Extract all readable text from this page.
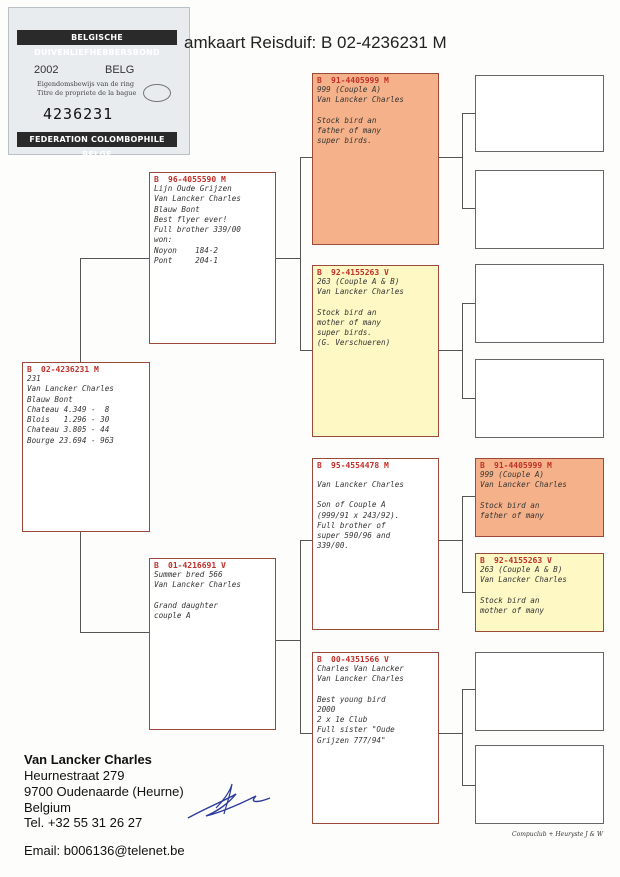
BELGISCHE DUIVENLIEFHEBBERSBOND
2002	BELG
Eigendomsbewijs van de ring
Titre de propriete de la bague
4236231
FEDERATION COLOMBOPHILE BELGE
amkaart Reisduif: B 02-4236231 M
B	02-4236231 M
231
Van Lancker Charles
Blauw Bont
Chateau 4.349 -  8
Blois   1.296 - 30
Chateau 3.805 - 44
Bourge 23.694 - 963
B	96-4055590 M
Lijn Oude Grijzen
Van Lancker Charles
Blauw Bont
Best flyer ever!
Full brother 339/00
won:
Noyon    184-2
Pont     204-1
B	01-4216691 V
Summer bred 566
Van Lancker Charles
Grand daughter
couple A
B	91-4405999 M
999 (Couple A)
Van Lancker Charles
Stock bird an
father of many
super birds.
B	92-4155263 V
263 (Couple A & B)
Van Lancker Charles
Stock bird an
mother of many
super birds.
(G. Verschueren)
B	95-4554478 M
Van Lancker Charles
Son of Couple A
(999/91 x 243/92).
Full brother of
super 590/96 and
339/00.
B	00-4351566 V
Charles Van Lancker
Van Lancker Charles
Best young bird
2000
2 x 1e Club
Full sister "Oude
Grijzen 777/94"
B	91-4405999 M
999 (Couple A)
Van Lancker Charles
Stock bird an
father of many
B	92-4155263 V
263 (Couple A & B)
Van Lancker Charles
Stock bird an
mother of many
Van Lancker Charles
Heurnestraat 279
9700 Oudenaarde (Heurne)
Belgium
Tel. +32 55 31 26 27
Email: b006136@telenet.be
Compuclub + Heuryste J & W
